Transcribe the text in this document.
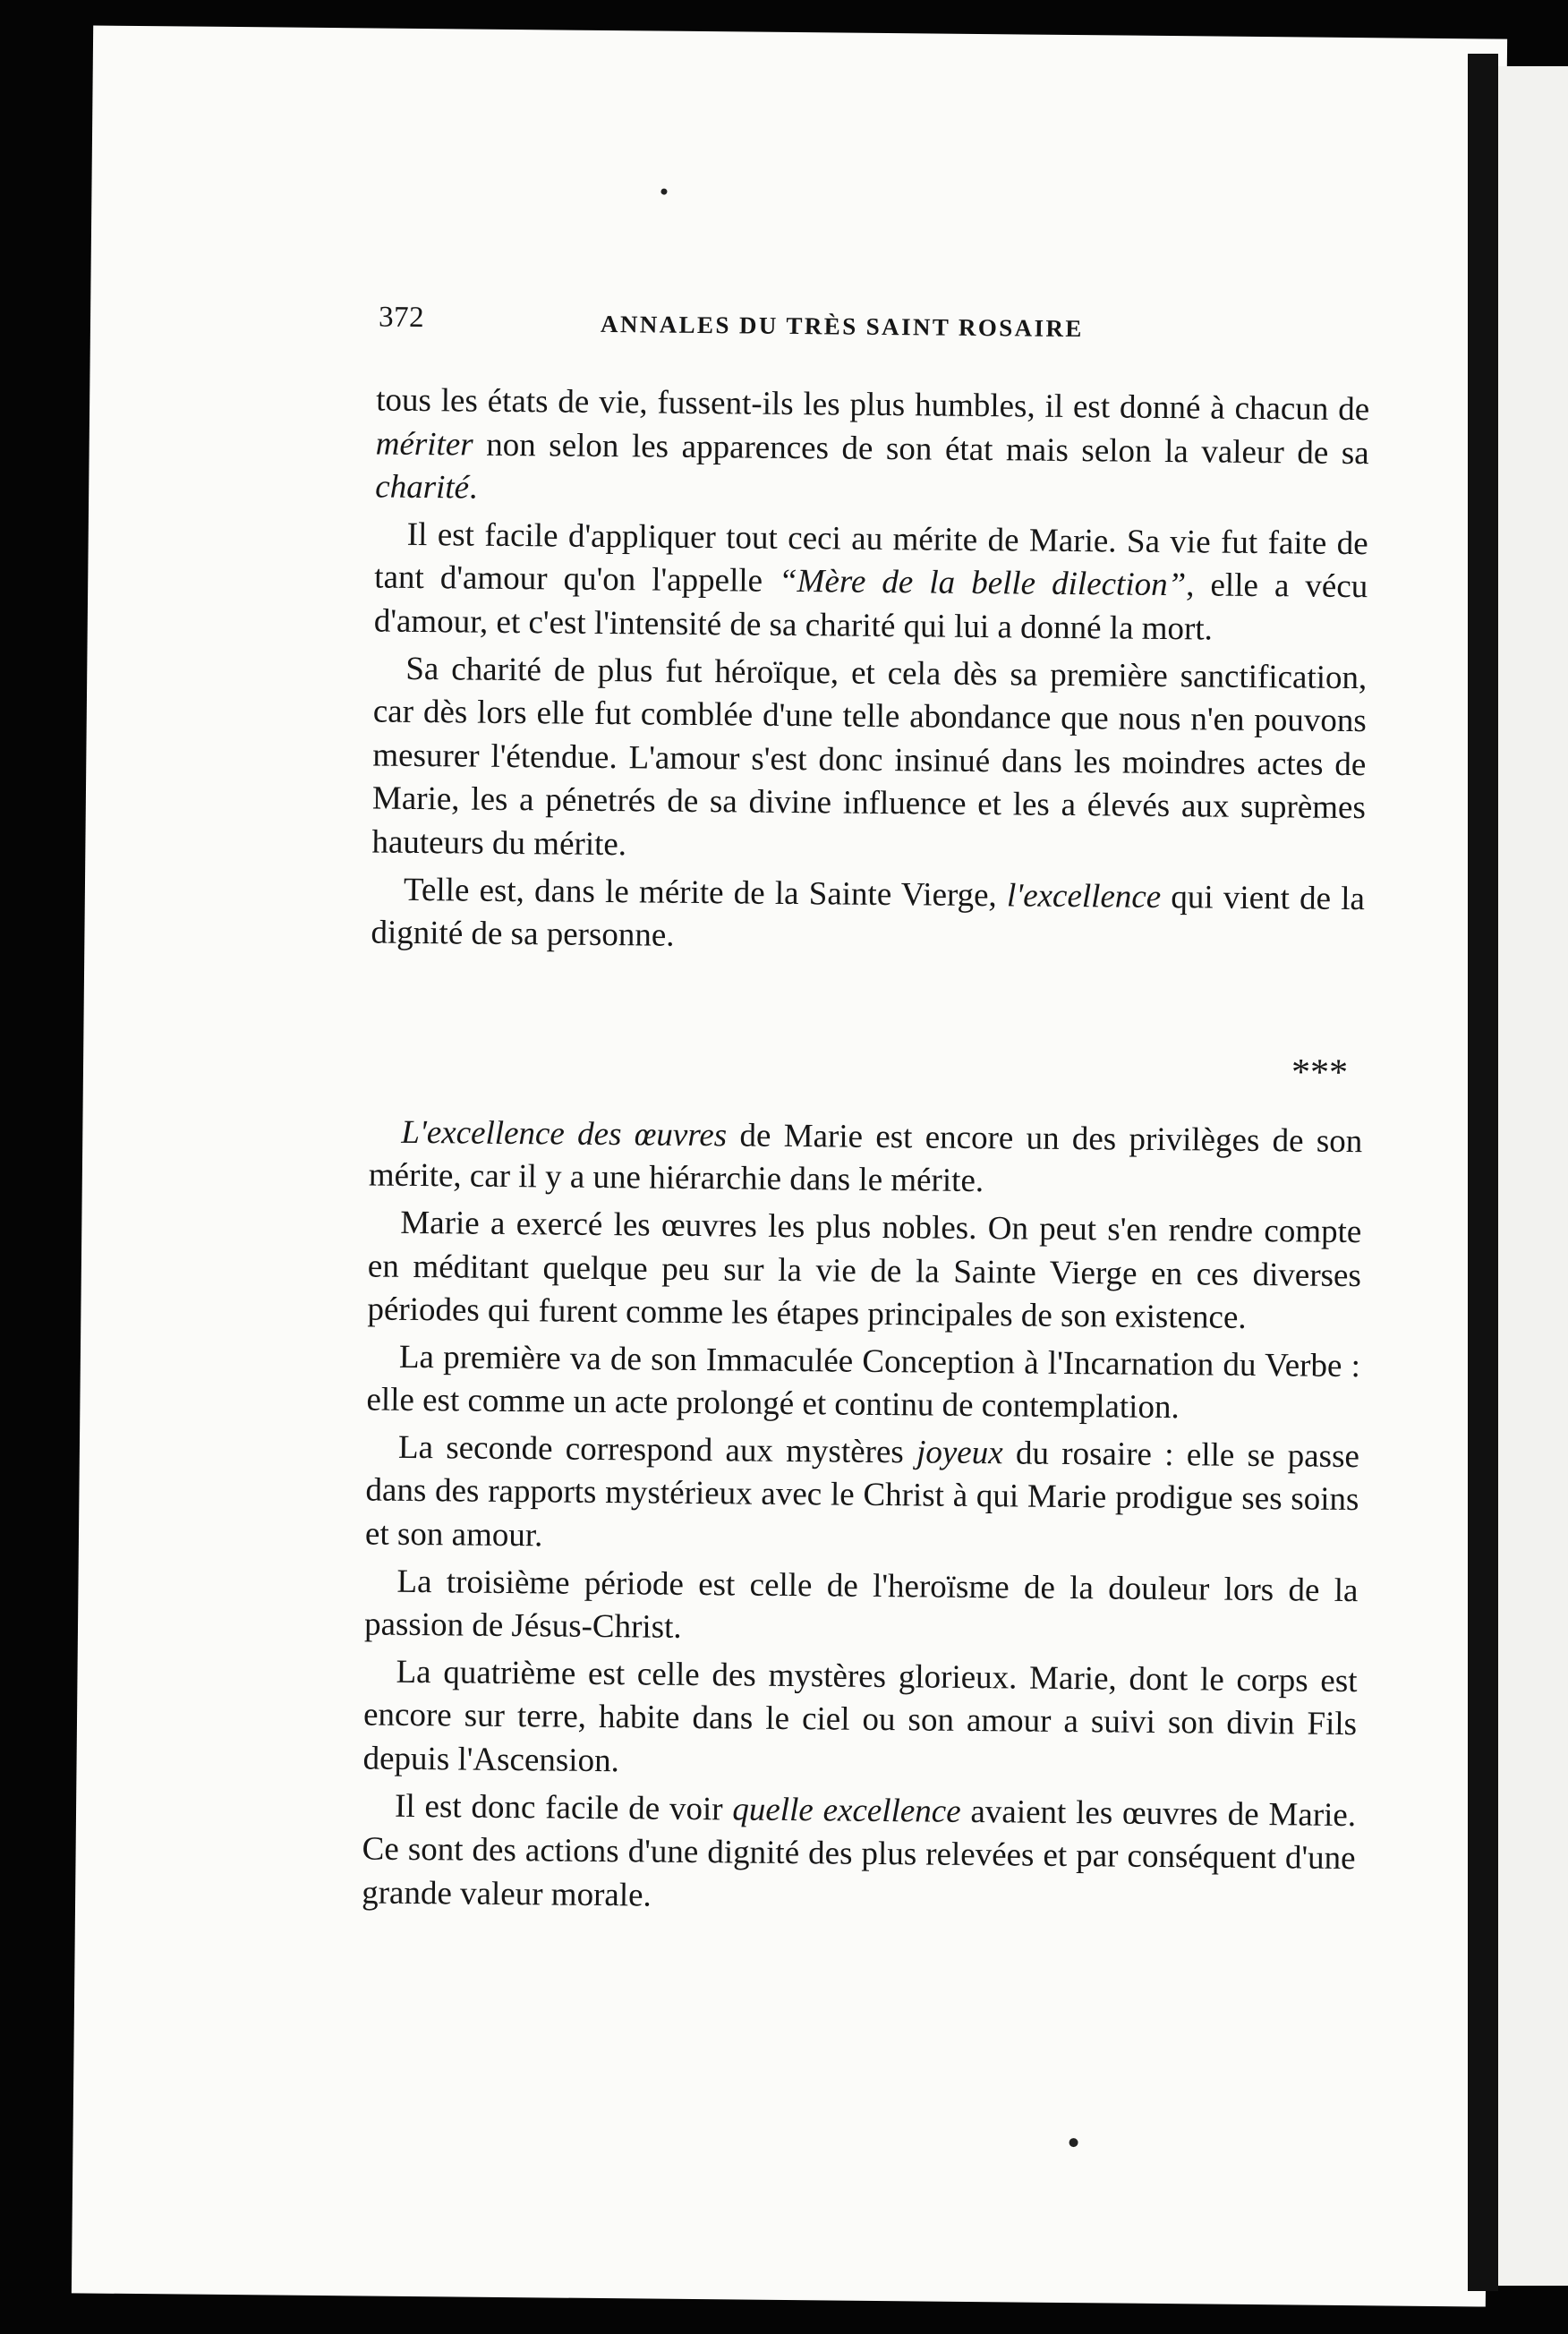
372	ANNALES DU TRÈS SAINT ROSAIRE

tous les états de vie, fussent-ils les plus humbles, il est donné à chacun de mériter non selon les apparences de son état mais selon la valeur de sa charité.

Il est facile d'appliquer tout ceci au mérite de Marie. Sa vie fut faite de tant d'amour qu'on l'appelle “Mère de la belle dilection”, elle a vécu d'amour, et c'est l'intensité de sa charité qui lui a donné la mort.

Sa charité de plus fut héroïque, et cela dès sa première sanctification, car dès lors elle fut comblée d'une telle abondance que nous n'en pouvons mesurer l'étendue. L'amour s'est donc insinué dans les moindres actes de Marie, les a pénetrés de sa divine influence et les a élevés aux suprèmes hauteurs du mérite.

Telle est, dans le mérite de la Sainte Vierge, l'excellence qui vient de la dignité de sa personne.

***

L'excellence des œuvres de Marie est encore un des privilèges de son mérite, car il y a une hiérarchie dans le mérite.

Marie a exercé les œuvres les plus nobles. On peut s'en rendre compte en méditant quelque peu sur la vie de la Sainte Vierge en ces diverses périodes qui furent comme les étapes principales de son existence.

La première va de son Immaculée Conception à l'Incarnation du Verbe : elle est comme un acte prolongé et continu de contemplation.

La seconde correspond aux mystères joyeux du rosaire : elle se passe dans des rapports mystérieux avec le Christ à qui Marie prodigue ses soins et son amour.

La troisième période est celle de l'heroïsme de la douleur lors de la passion de Jésus-Christ.

La quatrième est celle des mystères glorieux. Marie, dont le corps est encore sur terre, habite dans le ciel ou son amour a suivi son divin Fils depuis l'Ascension.

Il est donc facile de voir quelle excellence avaient les œuvres de Marie. Ce sont des actions d'une dignité des plus relevées et par conséquent d'une grande valeur morale.
